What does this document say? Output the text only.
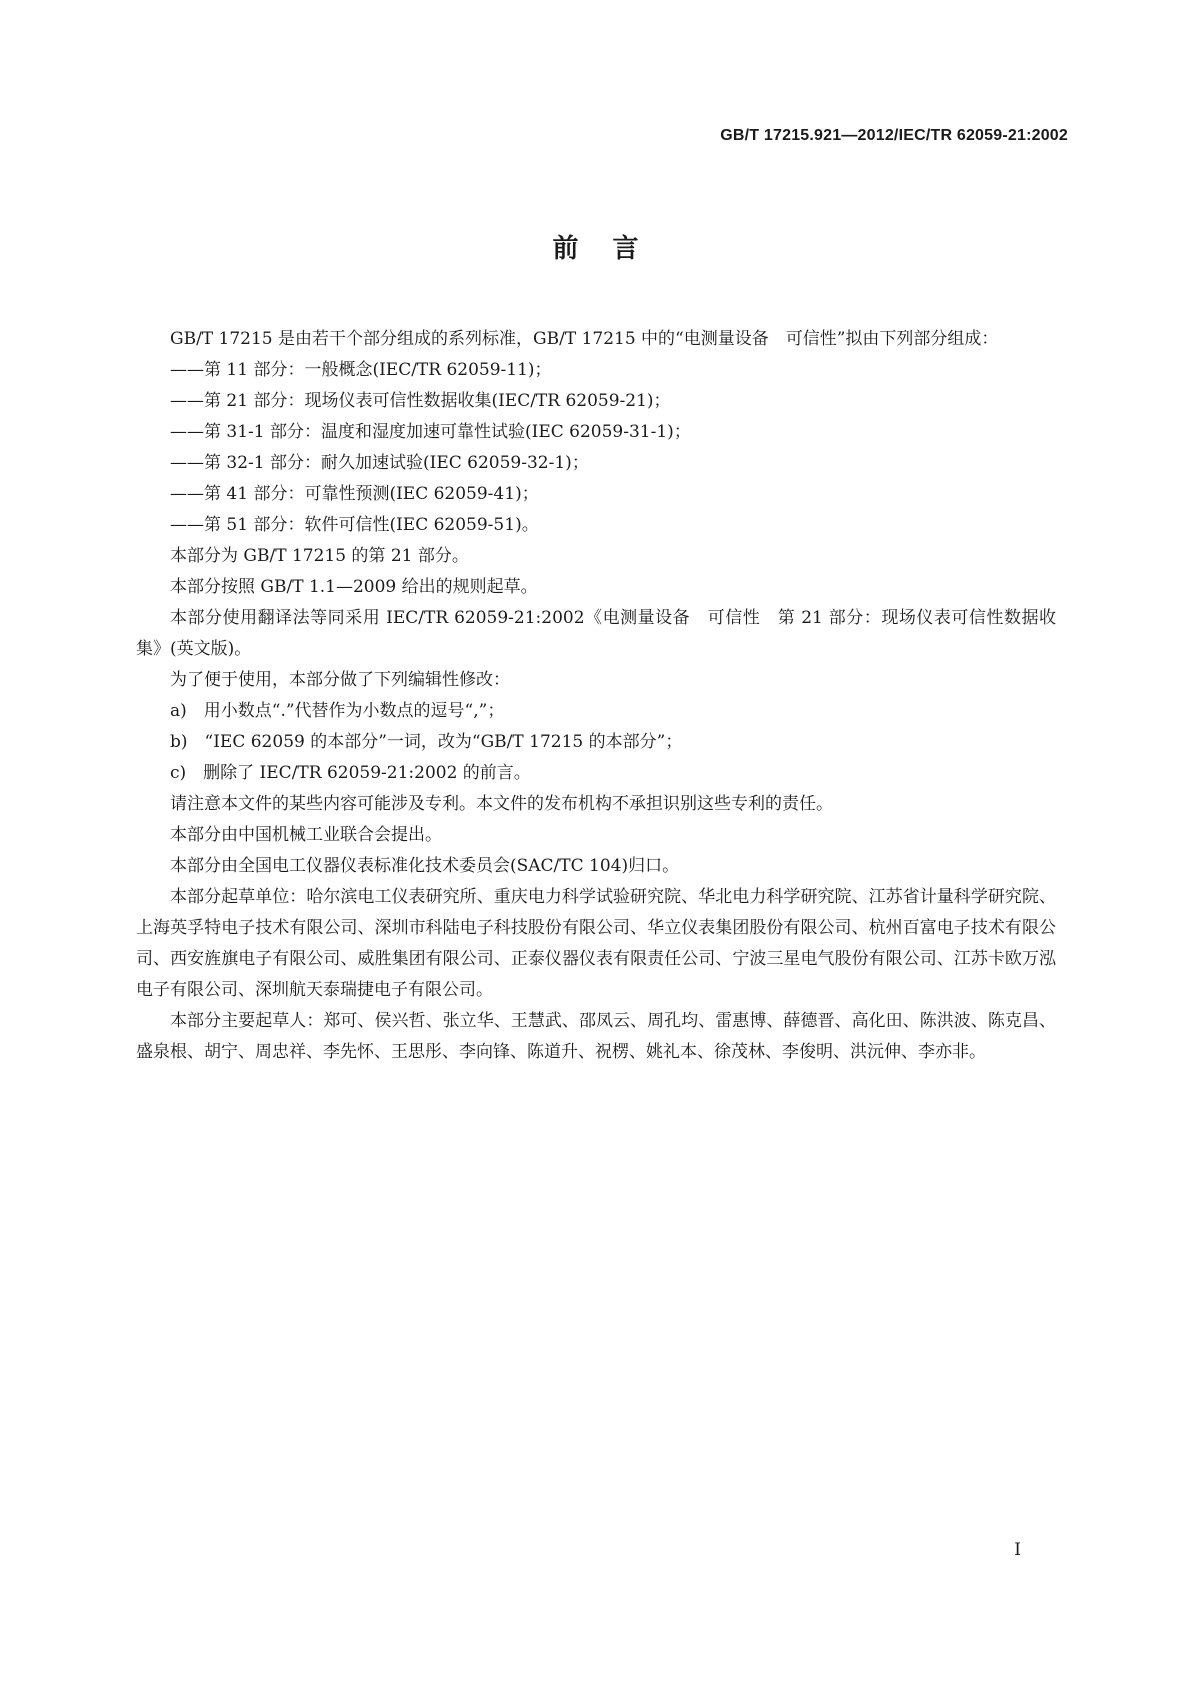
GB/T 17215.921—2012/IEC/TR 62059-21:2002
前言

GB/T 17215 是由若干个部分组成的系列标准，GB/T 17215 中的“电测量设备　可信性”拟由下列部分组成：

——第 11 部分：一般概念(IEC/TR 62059-11)；

——第 21 部分：现场仪表可信性数据收集(IEC/TR 62059-21)；

——第 31-1 部分：温度和湿度加速可靠性试验(IEC 62059-31-1)；

——第 32-1 部分：耐久加速试验(IEC 62059-32-1)；

——第 41 部分：可靠性预测(IEC 62059-41)；

——第 51 部分：软件可信性(IEC 62059-51)。

本部分为 GB/T 17215 的第 21 部分。

本部分按照 GB/T 1.1—2009 给出的规则起草。

本部分使用翻译法等同采用 IEC/TR 62059-21:2002《电测量设备　可信性　第 21 部分：现场仪表可信性数据收集》(英文版)。

为了便于使用，本部分做了下列编辑性修改：

a)　用小数点“.”代替作为小数点的逗号“,”；

b)　“IEC 62059 的本部分”一词，改为“GB/T 17215 的本部分”；

c)　删除了 IEC/TR 62059-21:2002 的前言。

请注意本文件的某些内容可能涉及专利。本文件的发布机构不承担识别这些专利的责任。

本部分由中国机械工业联合会提出。

本部分由全国电工仪器仪表标准化技术委员会(SAC/TC 104)归口。

本部分起草单位：哈尔滨电工仪表研究所、重庆电力科学试验研究院、华北电力科学研究院、江苏省计量科学研究院、上海英孚特电子技术有限公司、深圳市科陆电子科技股份有限公司、华立仪表集团股份有限公司、杭州百富电子技术有限公司、西安旌旗电子有限公司、威胜集团有限公司、正泰仪器仪表有限责任公司、宁波三星电气股份有限公司、江苏卡欧万泓电子有限公司、深圳航天泰瑞捷电子有限公司。

本部分主要起草人：郑可、侯兴哲、张立华、王慧武、邵凤云、周孔均、雷惠博、薛德晋、高化田、陈洪波、陈克昌、盛泉根、胡宁、周忠祥、李先怀、王思彤、李向锋、陈道升、祝楞、姚礼本、徐茂林、李俊明、洪沅伸、李亦非。

I
